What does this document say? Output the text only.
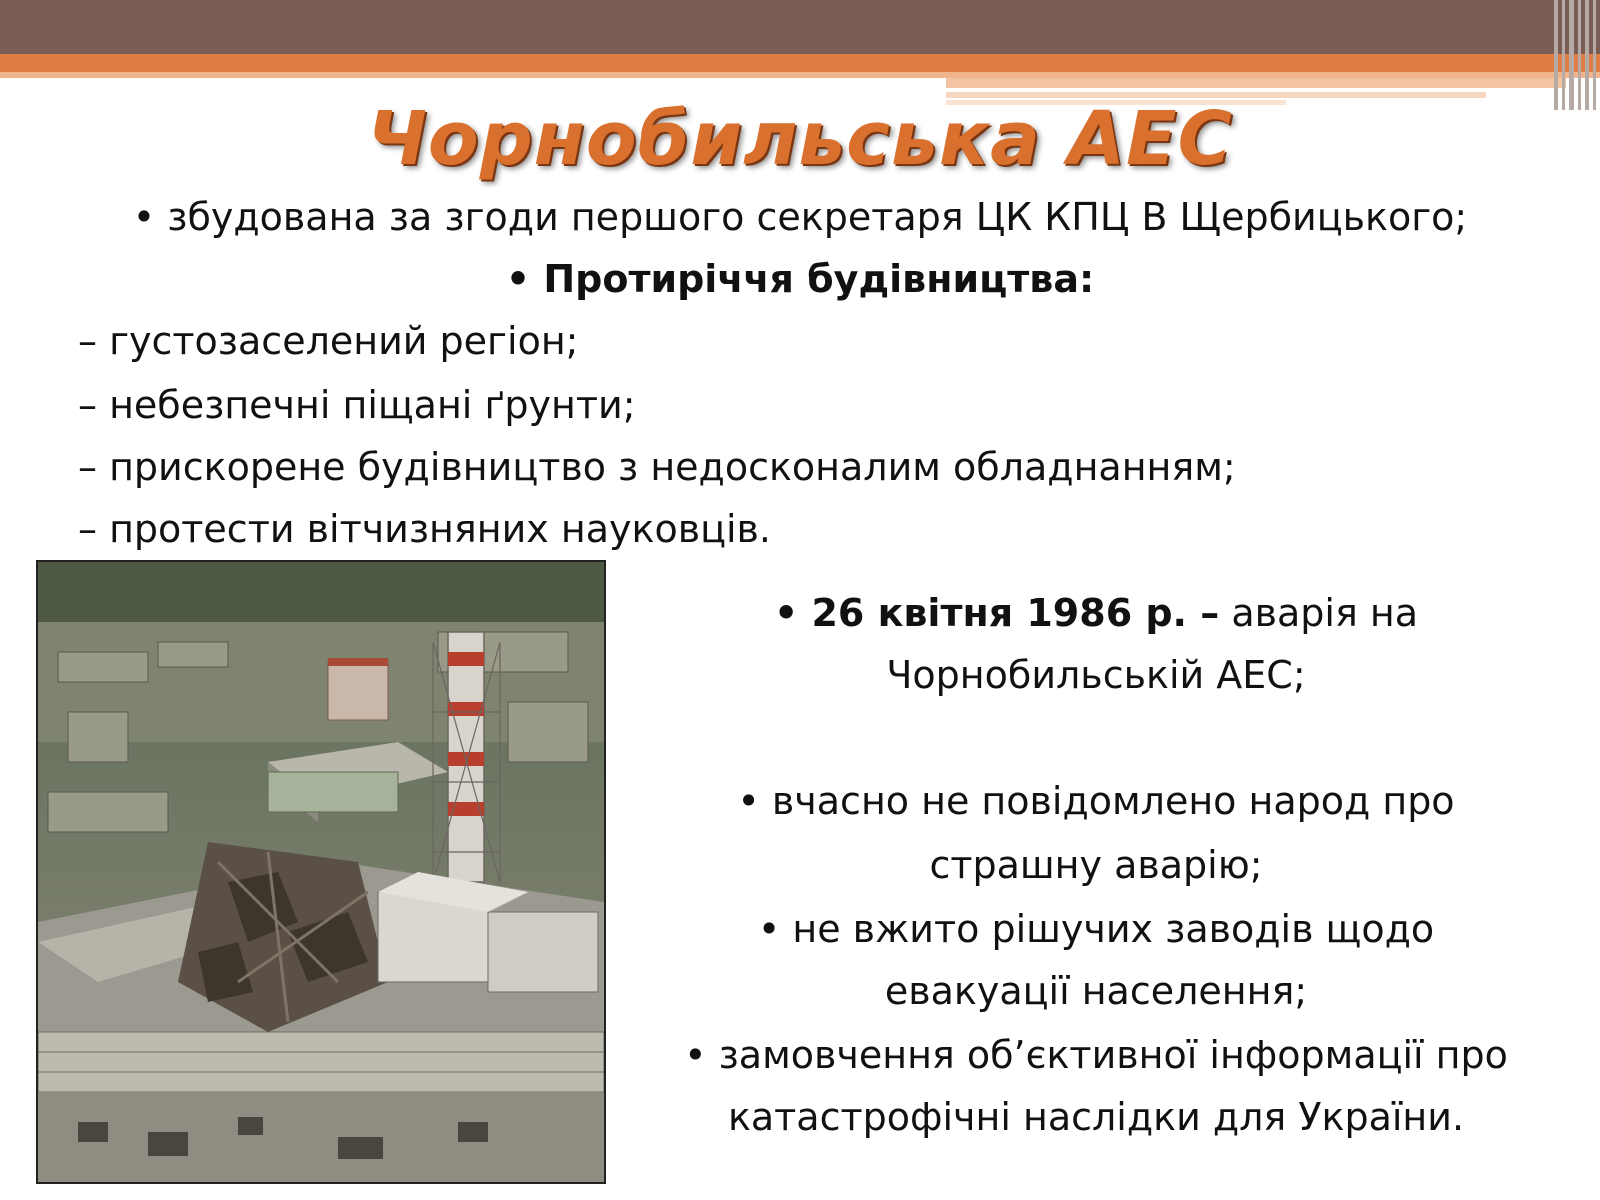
Чорнобильська АЕС
• збудована за згоди першого секретаря ЦК КПЦ В Щербицького;
• Протиріччя будівництва:
– густозаселений регіон;
– небезпечні піщані ґрунти;
– прискорене будівництво з недосконалим обладнанням;
– протести вітчизняних науковців.
• 26 квітня 1986 р. – аварія на
Чорнобильській АЕС;
• вчасно не повідомлено народ про
страшну аварію;
• не вжито рішучих заводів щодо
евакуації населення;
• замовчення об’єктивної інформації про
катастрофічні наслідки для України.
